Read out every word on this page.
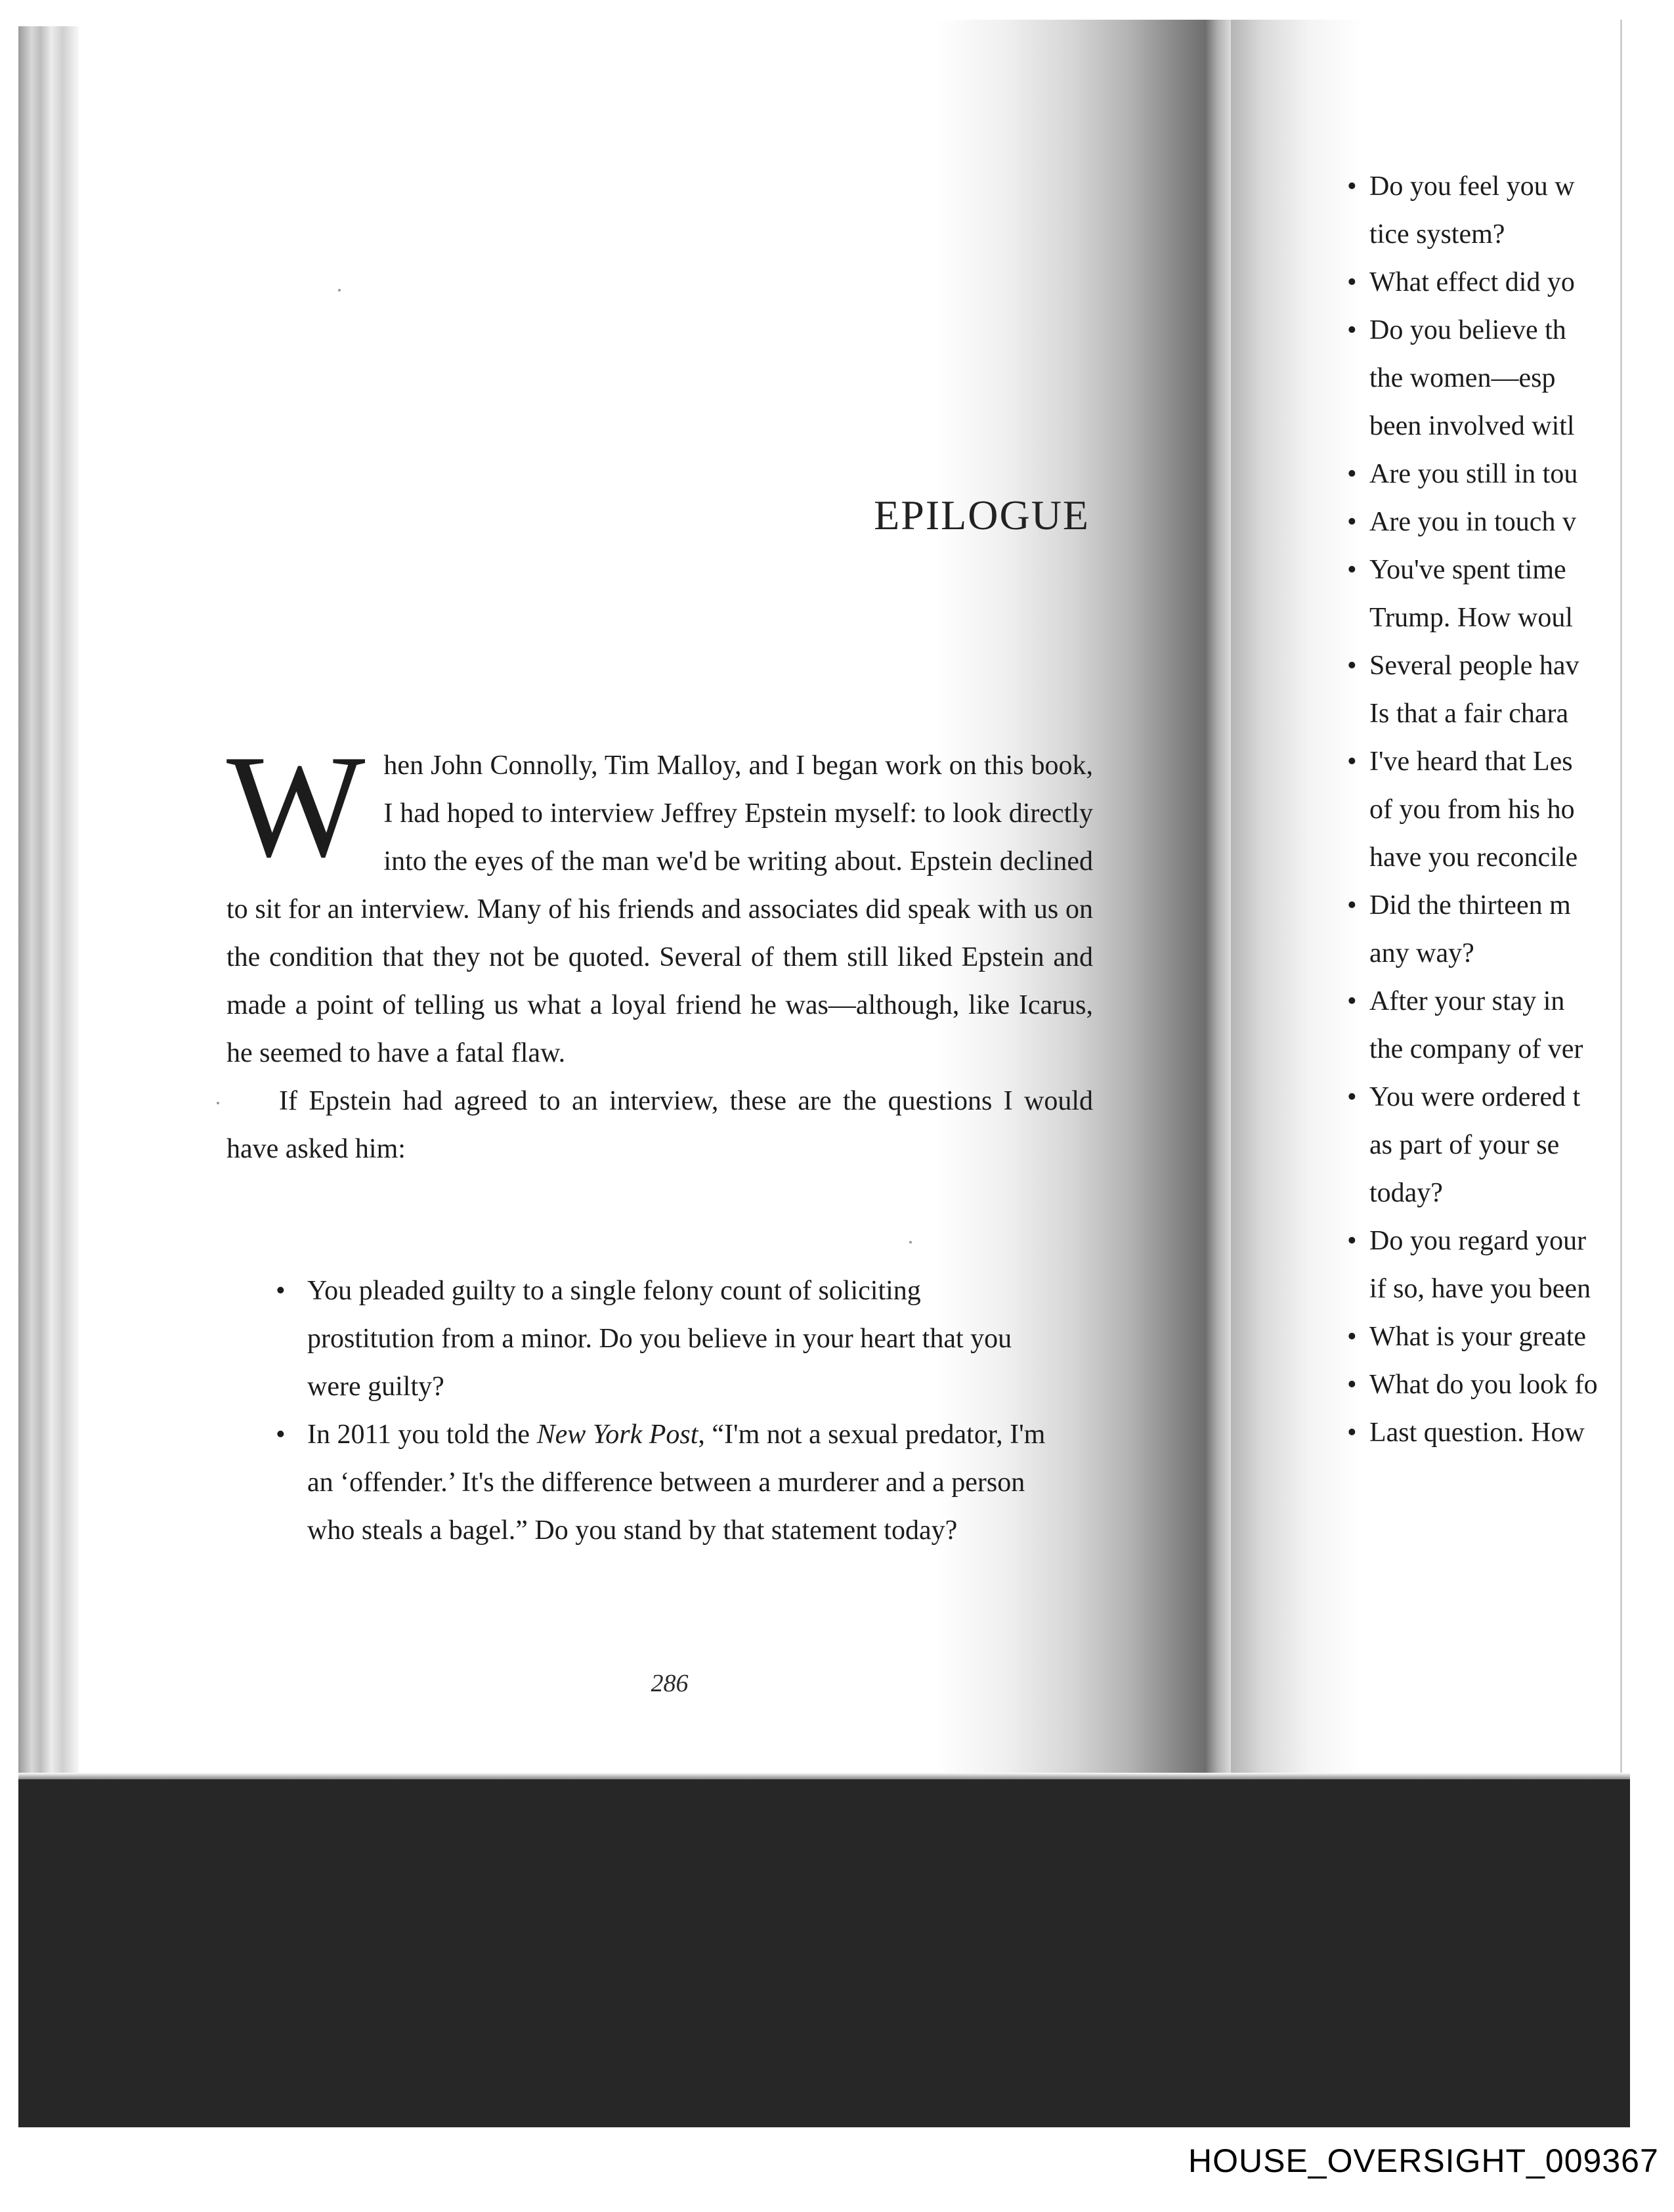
EPILOGUE

When John Connolly, Tim Malloy, and I began work on this book, I had hoped to interview Jeffrey Epstein myself: to look directly into the eyes of the man we'd be writing about. Epstein declined to sit for an interview. Many of his friends and associates did speak with us on the condition that they not be quoted. Several of them still liked Epstein and made a point of telling us what a loyal friend he was—although, like Icarus, he seemed to have a fatal flaw.

If Epstein had agreed to an interview, these are the questions I would have asked him:

• You pleaded guilty to a single felony count of soliciting prostitution from a minor. Do you believe in your heart that you were guilty?
• In 2011 you told the New York Post, “I'm not a sexual predator, I'm an ‘offender.’ It's the difference between a murderer and a person who steals a bagel.” Do you stand by that statement today?
286
• Do you feel you w
tice system?
• What effect did yo
• Do you believe th
the women—esp
been involved witl
• Are you still in tou
• Are you in touch v
• You've spent time
Trump. How woul
• Several people hav
Is that a fair chara
• I've heard that Les
of you from his ho
have you reconcile
• Did the thirteen m
any way?
• After your stay in
the company of ver
• You were ordered t
as part of your se
today?
• Do you regard your
if so, have you been
• What is your greate
• What do you look fo
• Last question. How
HOUSE_OVERSIGHT_009367
